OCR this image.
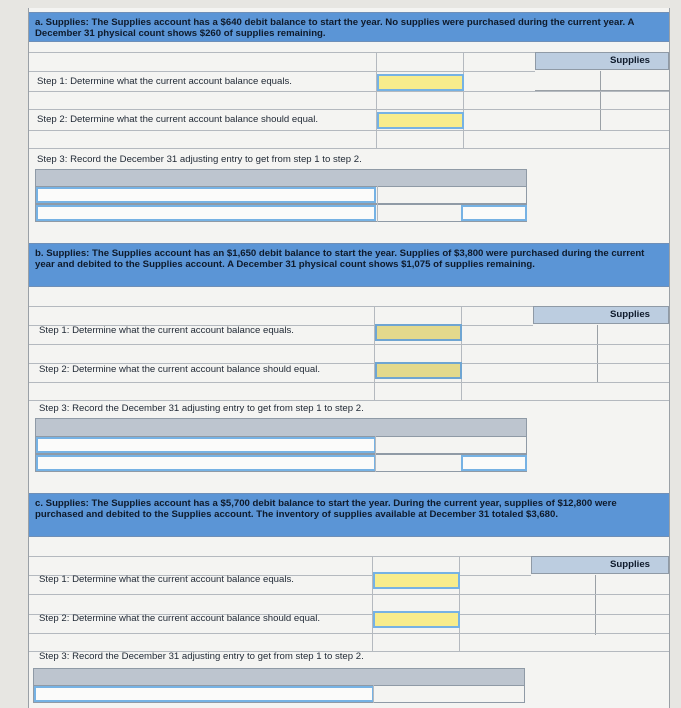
a. Supplies: The Supplies account has a $640 debit balance to start the year. No supplies were purchased during the current year. A December 31 physical count shows $260 of supplies remaining.
Supplies
Step 1: Determine what the current account balance equals.
Step 2: Determine what the current account balance should equal.
Step 3: Record the December 31 adjusting entry to get from step 1 to step 2.
b. Supplies: The Supplies account has an $1,650 debit balance to start the year. Supplies of $3,800 were purchased during the current year and debited to the Supplies account. A December 31 physical count shows $1,075 of supplies remaining.
Supplies
Step 1: Determine what the current account balance equals.
Step 2: Determine what the current account balance should equal.
Step 3: Record the December 31 adjusting entry to get from step 1 to step 2.
c. Supplies: The Supplies account has a $5,700 debit balance to start the year. During the current year, supplies of $12,800 were purchased and debited to the Supplies account. The inventory of supplies available at December 31 totaled $3,680.
Supplies
Step 1: Determine what the current account balance equals.
Step 2: Determine what the current account balance should equal.
Step 3: Record the December 31 adjusting entry to get from step 1 to step 2.
